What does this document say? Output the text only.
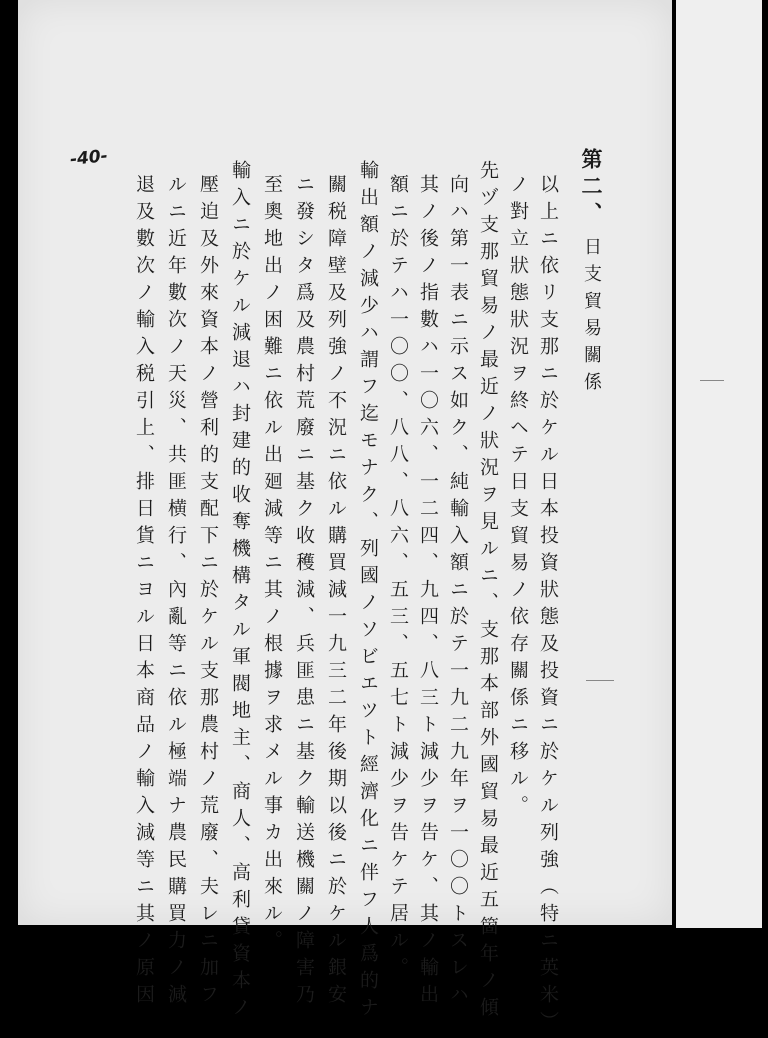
-40-	第二、日支貿易關係
以上ニ依リ支那ニ於ケル日本投資狀態及投資ニ於ケル列強（特ニ英米）
ノ對立狀態狀況ヲ終ヘテ日支貿易ノ依存關係ニ移ル。
先ヅ支那貿易ノ最近ノ狀況ヲ見ルニ、支那本部外國貿易最近五箇年ノ傾
向ハ第一表ニ示ス如ク、純輸入額ニ於テ一九二九年ヲ一〇〇トスレハ
其ノ後ノ指數ハ一〇六、一二四、九四、八三ト減少ヲ告ケ、其ノ輸出
額ニ於テハ一〇〇、八八、八六、五三、五七ト減少ヲ告ケテ居ル。
輸出額ノ減少ハ謂フ迄モナク、列國ノソビエツト經濟化ニ伴フ人爲的ナ
關税障壁及列強ノ不況ニ依ル購買減一九三二年後期以後ニ於ケル銀安
ニ發シタ爲及農村荒廢ニ基ク收穫減、兵匪患ニ基ク輸送機關ノ障害乃
至奧地出ノ困難ニ依ル出廻減等ニ其ノ根據ヲ求メル事カ出來ル。
輸入ニ於ケル減退ハ封建的收奪機構タル軍閥地主、商人、高利貸資本ノ
壓迫及外來資本ノ營利的支配下ニ於ケル支那農村ノ荒廢、夫レニ加フ
ルニ近年數次ノ天災、共匪横行、內亂等ニ依ル極端ナ農民購買力ノ減
退及數次ノ輸入税引上、排日貨ニヨル日本商品ノ輸入減等ニ其ノ原因
